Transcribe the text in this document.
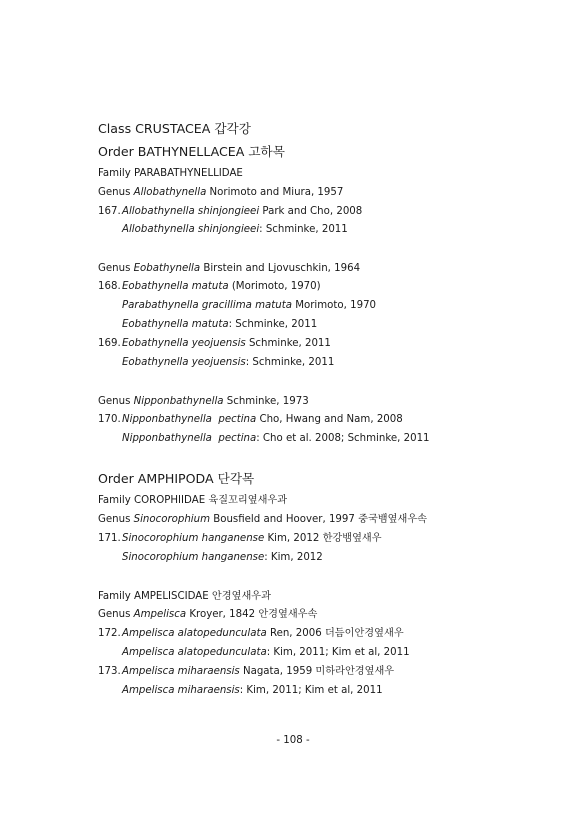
Class CRUSTACEA 갑각강
Order BATHYNELLACEA 고하목
Family PARABATHYNELLIDAE
Genus Allobathynella Norimoto and Miura, 1957
167.Allobathynella shinjongieei Park and Cho, 2008
Allobathynella shinjongieei: Schminke, 2011
Genus Eobathynella Birstein and Ljovuschkin, 1964
168.Eobathynella matuta (Morimoto, 1970)
Parabathynella gracillima matuta Morimoto, 1970
Eobathynella matuta: Schminke, 2011
169.Eobathynella yeojuensis Schminke, 2011
Eobathynella yeojuensis: Schminke, 2011
Genus Nipponbathynella Schminke, 1973
170.Nipponbathynella  pectina Cho, Hwang and Nam, 2008
Nipponbathynella  pectina: Cho et al. 2008; Schminke, 2011
Order AMPHIPODA 단각목
Family COROPHIIDAE 육질꼬리옆새우과
Genus Sinocorophium Bousfield and Hoover, 1997 중국뱀옆새우속
171.Sinocorophium hanganense Kim, 2012 한강뱀옆새우
Sinocorophium hanganense: Kim, 2012
Family AMPELISCIDAE 안경옆새우과
Genus Ampelisca Kroyer, 1842 안경옆새우속
172.Ampelisca alatopedunculata Ren, 2006 더듬이안경옆새우
Ampelisca alatopedunculata: Kim, 2011; Kim et al, 2011
173.Ampelisca miharaensis Nagata, 1959 미하라안경옆새우
Ampelisca miharaensis: Kim, 2011; Kim et al, 2011
- 108 -
